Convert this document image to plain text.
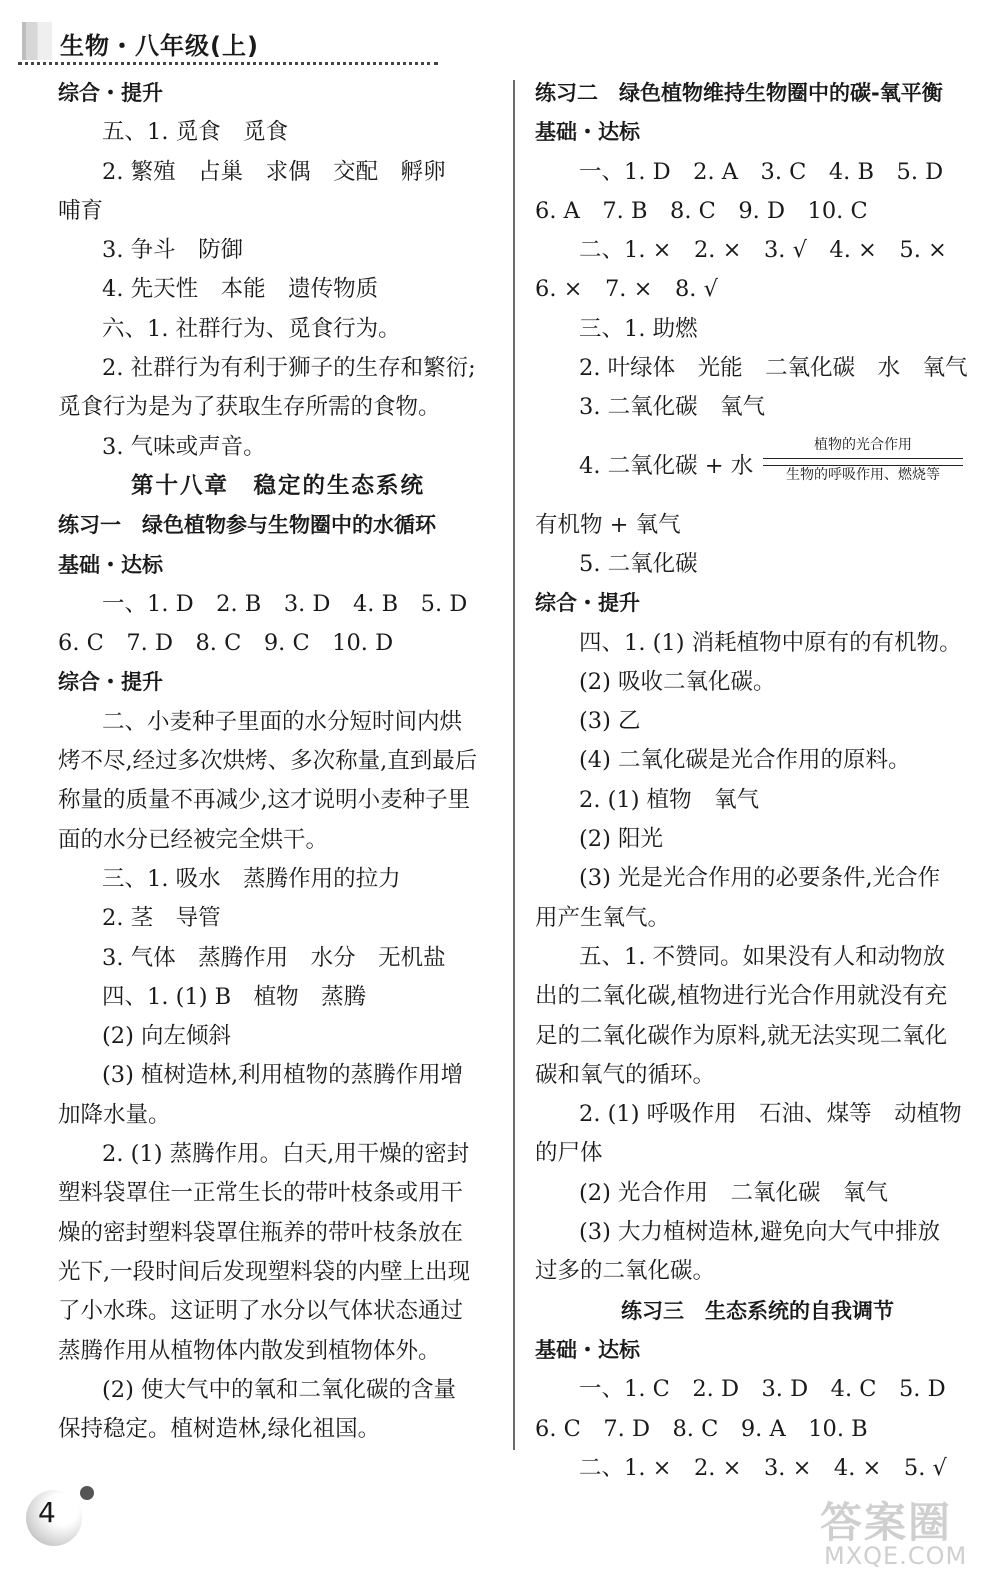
生物・八年级(上)
综合・提升
五、1. 觅食　觅食
2. 繁殖　占巢　求偶　交配　孵卵
哺育
3. 争斗　防御
4. 先天性　本能　遗传物质
六、1. 社群行为、觅食行为。
2. 社群行为有利于狮子的生存和繁衍;
觅食行为是为了获取生存所需的食物。
3. 气味或声音。
第十八章　稳定的生态系统
练习一　绿色植物参与生物圈中的水循环
基础・达标
一、1. D　2. B　3. D　4. B　5. D
6. C　7. D　8. C　9. C　10. D
综合・提升
二、小麦种子里面的水分短时间内烘
烤不尽,经过多次烘烤、多次称量,直到最后
称量的质量不再减少,这才说明小麦种子里
面的水分已经被完全烘干。
三、1. 吸水　蒸腾作用的拉力
2. 茎　导管
3. 气体　蒸腾作用　水分　无机盐
四、1. (1) B　植物　蒸腾
(2) 向左倾斜
(3) 植树造林,利用植物的蒸腾作用增
加降水量。
2. (1) 蒸腾作用。白天,用干燥的密封
塑料袋罩住一正常生长的带叶枝条或用干
燥的密封塑料袋罩住瓶养的带叶枝条放在
光下,一段时间后发现塑料袋的内壁上出现
了小水珠。这证明了水分以气体状态通过
蒸腾作用从植物体内散发到植物体外。
(2) 使大气中的氧和二氧化碳的含量
保持稳定。植树造林,绿化祖国。
练习二　绿色植物维持生物圈中的碳-氧平衡
基础・达标
一、1. D　2. A　3. C　4. B　5. D
6. A　7. B　8. C　9. D　10. C
二、1. ×　2. ×　3. √　4. ×　5. ×
6. ×　7. ×　8. √
三、1. 助燃
2. 叶绿体　光能　二氧化碳　水　氧气
3. 二氧化碳　氧气
4. 二氧化碳 + 水
植物的光合作用
生物的呼吸作用、燃烧等
有机物 + 氧气
5. 二氧化碳
综合・提升
四、1. (1) 消耗植物中原有的有机物。
(2) 吸收二氧化碳。
(3) 乙
(4) 二氧化碳是光合作用的原料。
2. (1) 植物　氧气
(2) 阳光
(3) 光是光合作用的必要条件,光合作
用产生氧气。
五、1. 不赞同。如果没有人和动物放
出的二氧化碳,植物进行光合作用就没有充
足的二氧化碳作为原料,就无法实现二氧化
碳和氧气的循环。
2. (1) 呼吸作用　石油、煤等　动植物
的尸体
(2) 光合作用　二氧化碳　氧气
(3) 大力植树造林,避免向大气中排放
过多的二氧化碳。
练习三　生态系统的自我调节
基础・达标
一、1. C　2. D　3. D　4. C　5. D
6. C　7. D　8. C　9. A　10. B
二、1. ×　2. ×　3. ×　4. ×　5. √
4	答案圈
MXQE.COM
